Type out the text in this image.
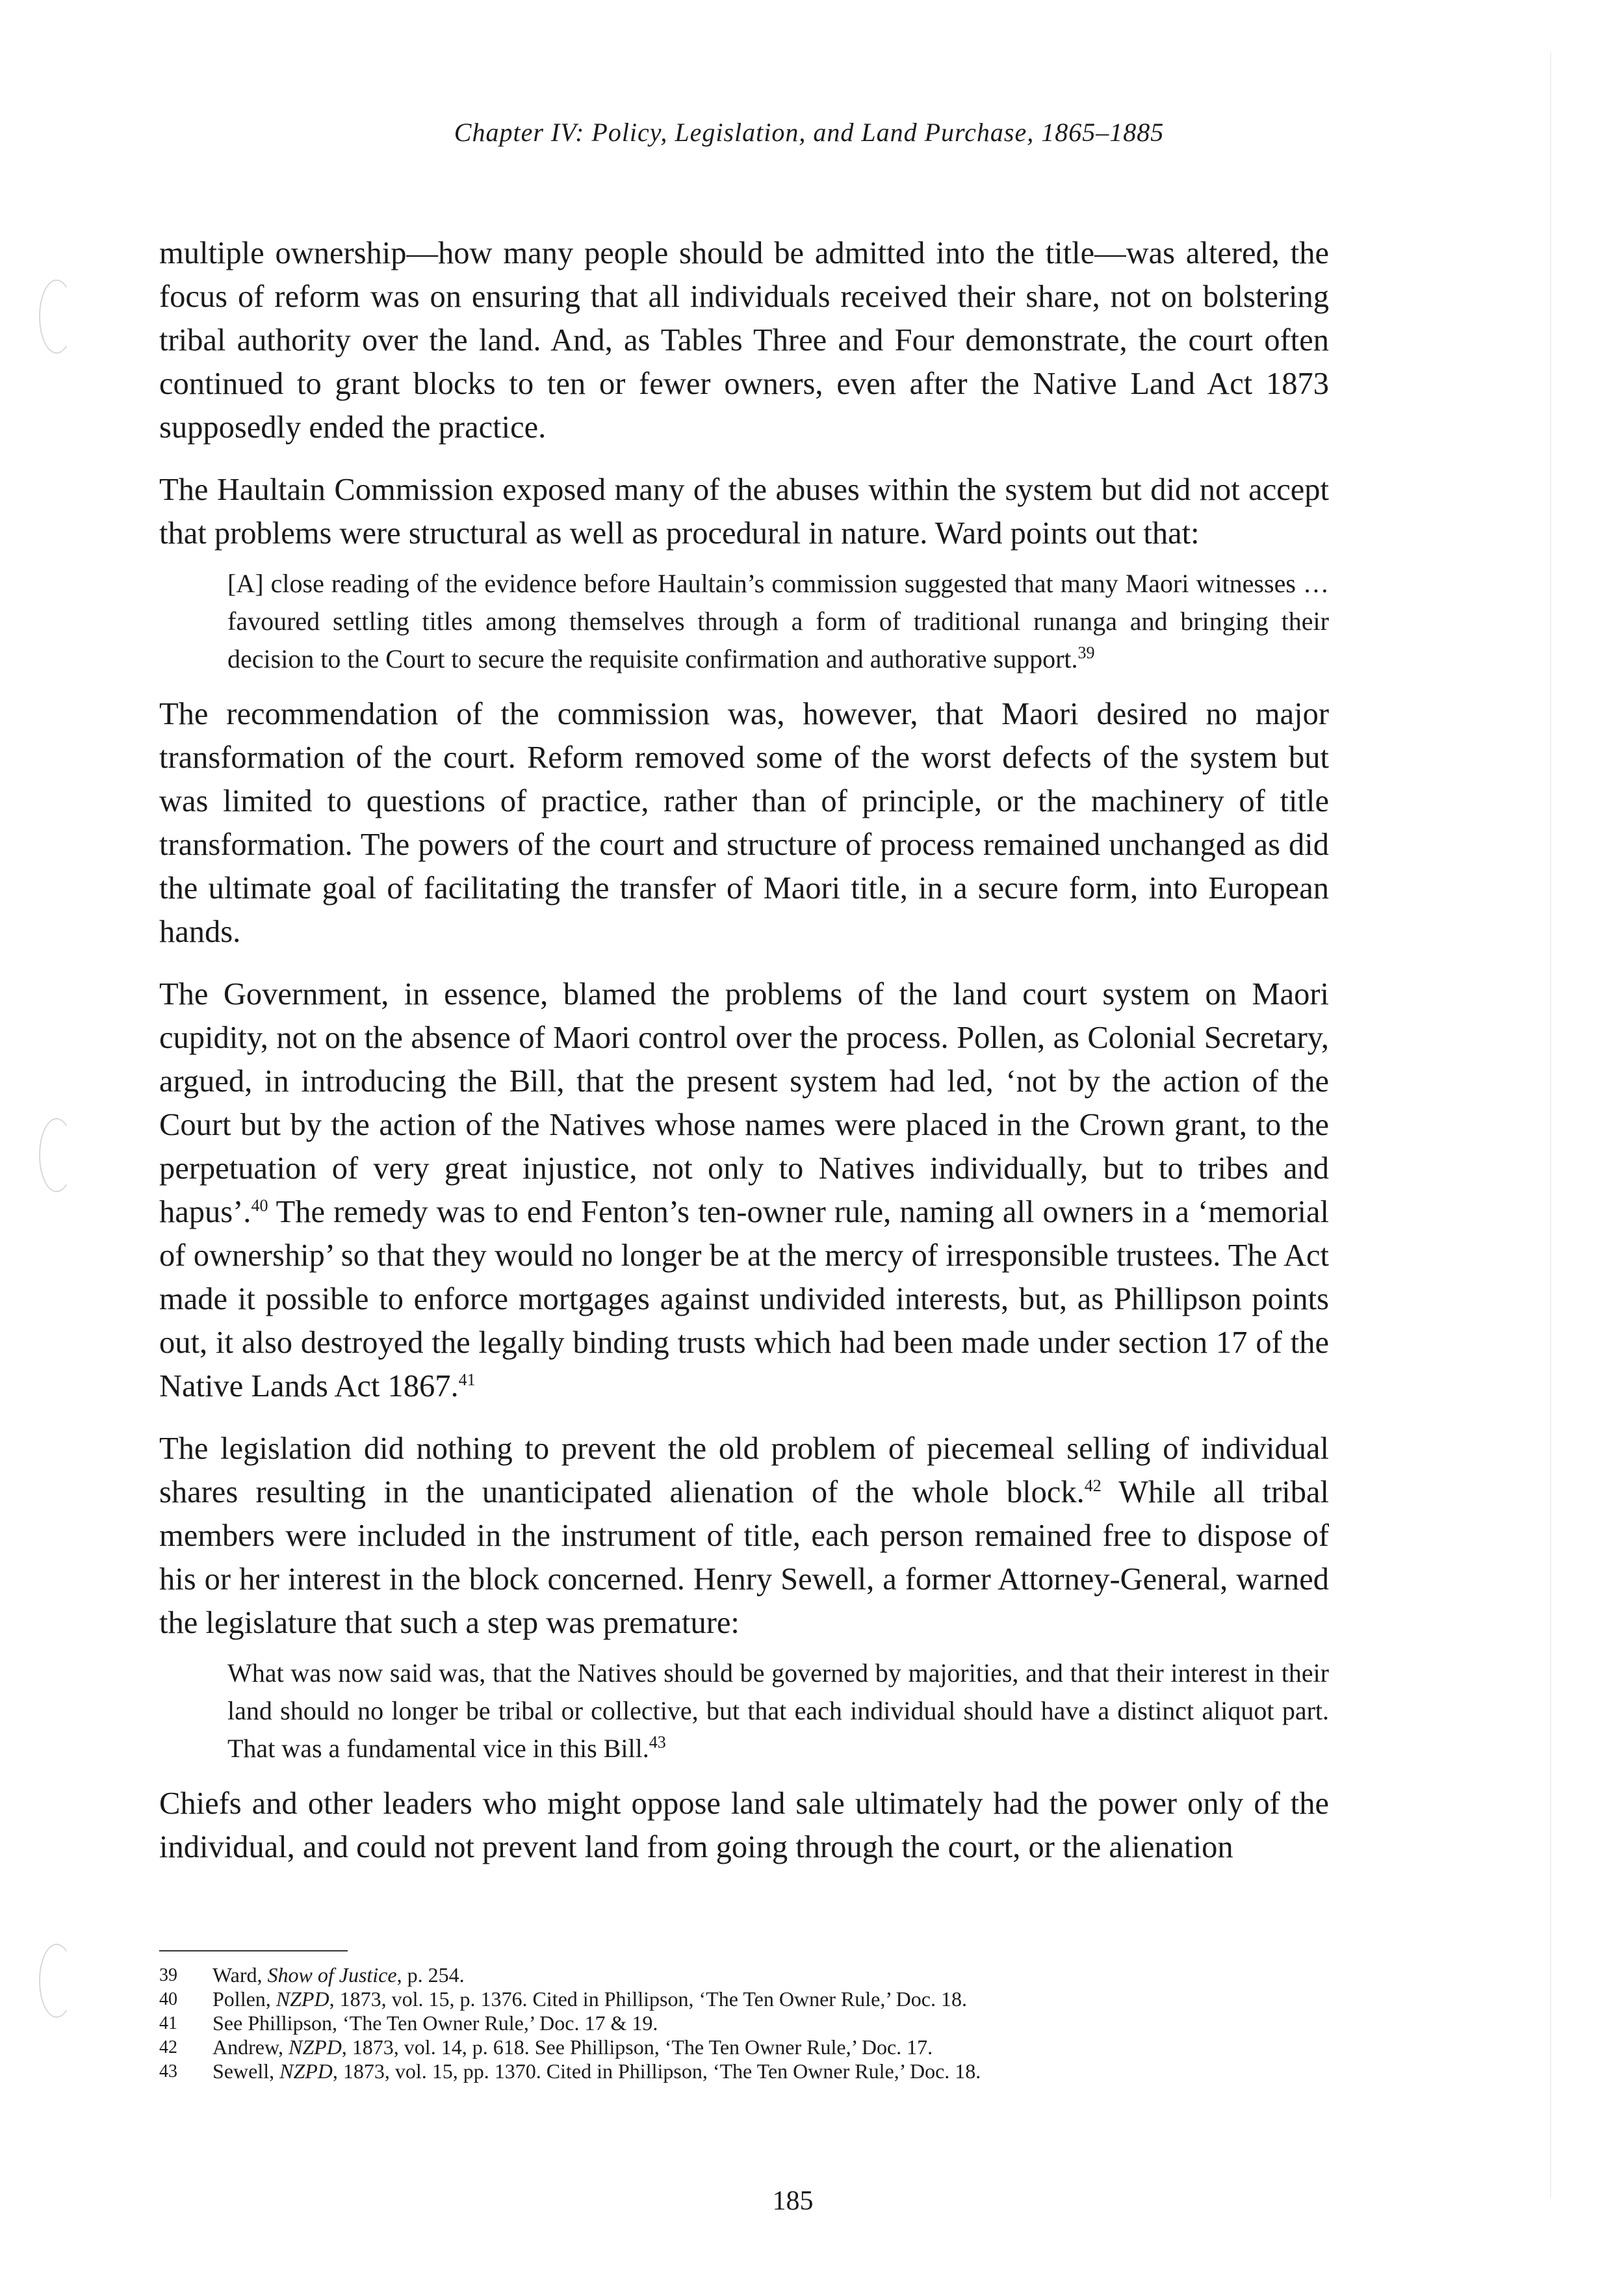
Chapter IV: Policy, Legislation, and Land Purchase, 1865–1885

multiple ownership—how many people should be admitted into the title—was altered, the focus of reform was on ensuring that all individuals received their share, not on bolstering tribal authority over the land. And, as Tables Three and Four demonstrate, the court often continued to grant blocks to ten or fewer owners, even after the Native Land Act 1873 supposedly ended the practice.

The Haultain Commission exposed many of the abuses within the system but did not accept that problems were structural as well as procedural in nature. Ward points out that:

[A] close reading of the evidence before Haultain’s commission suggested that many Maori witnesses … favoured settling titles among themselves through a form of traditional runanga and bringing their decision to the Court to secure the requisite confirmation and authorative support.$^{39}$

The recommendation of the commission was, however, that Maori desired no major transformation of the court. Reform removed some of the worst defects of the system but was limited to questions of practice, rather than of principle, or the machinery of title transformation. The powers of the court and structure of process remained unchanged as did the ultimate goal of facilitating the transfer of Maori title, in a secure form, into European hands.

The Government, in essence, blamed the problems of the land court system on Maori cupidity, not on the absence of Maori control over the process. Pollen, as Colonial Secretary, argued, in introducing the Bill, that the present system had led, ‘not by the action of the Court but by the action of the Natives whose names were placed in the Crown grant, to the perpetuation of very great injustice, not only to Natives individually, but to tribes and hapus’.$^{40}$ The remedy was to end Fenton’s ten-owner rule, naming all owners in a ‘memorial of ownership’ so that they would no longer be at the mercy of irresponsible trustees. The Act made it possible to enforce mortgages against undivided interests, but, as Phillipson points out, it also destroyed the legally binding trusts which had been made under section 17 of the Native Lands Act 1867.41

The legislation did nothing to prevent the old problem of piecemeal selling of individual shares resulting in the unanticipated alienation of the whole block.$^{42}$ While all tribal members were included in the instrument of title, each person remained free to dispose of his or her interest in the block concerned. Henry Sewell, a former Attorney-General, warned the legislature that such a step was premature:

What was now said was, that the Natives should be governed by majorities, and that their interest in their land should no longer be tribal or collective, but that each individual should have a distinct aliquot part. That was a fundamental vice in this Bill.$^{43}$

Chiefs and other leaders who might oppose land sale ultimately had the power only of the individual, and could not prevent land from going through the court, or the alienation

39	Ward, Show of Justice, p. 254.
40	Pollen, NZPD, 1873, vol. 15, p. 1376. Cited in Phillipson, ‘The Ten Owner Rule,’ Doc. 18.
41	See Phillipson, ‘The Ten Owner Rule,’ Doc. 17 & 19.
42	Andrew, NZPD, 1873, vol. 14, p. 618. See Phillipson, ‘The Ten Owner Rule,’ Doc. 17.
43	Sewell, NZPD, 1873, vol. 15, pp. 1370. Cited in Phillipson, ‘The Ten Owner Rule,’ Doc. 18.
185
